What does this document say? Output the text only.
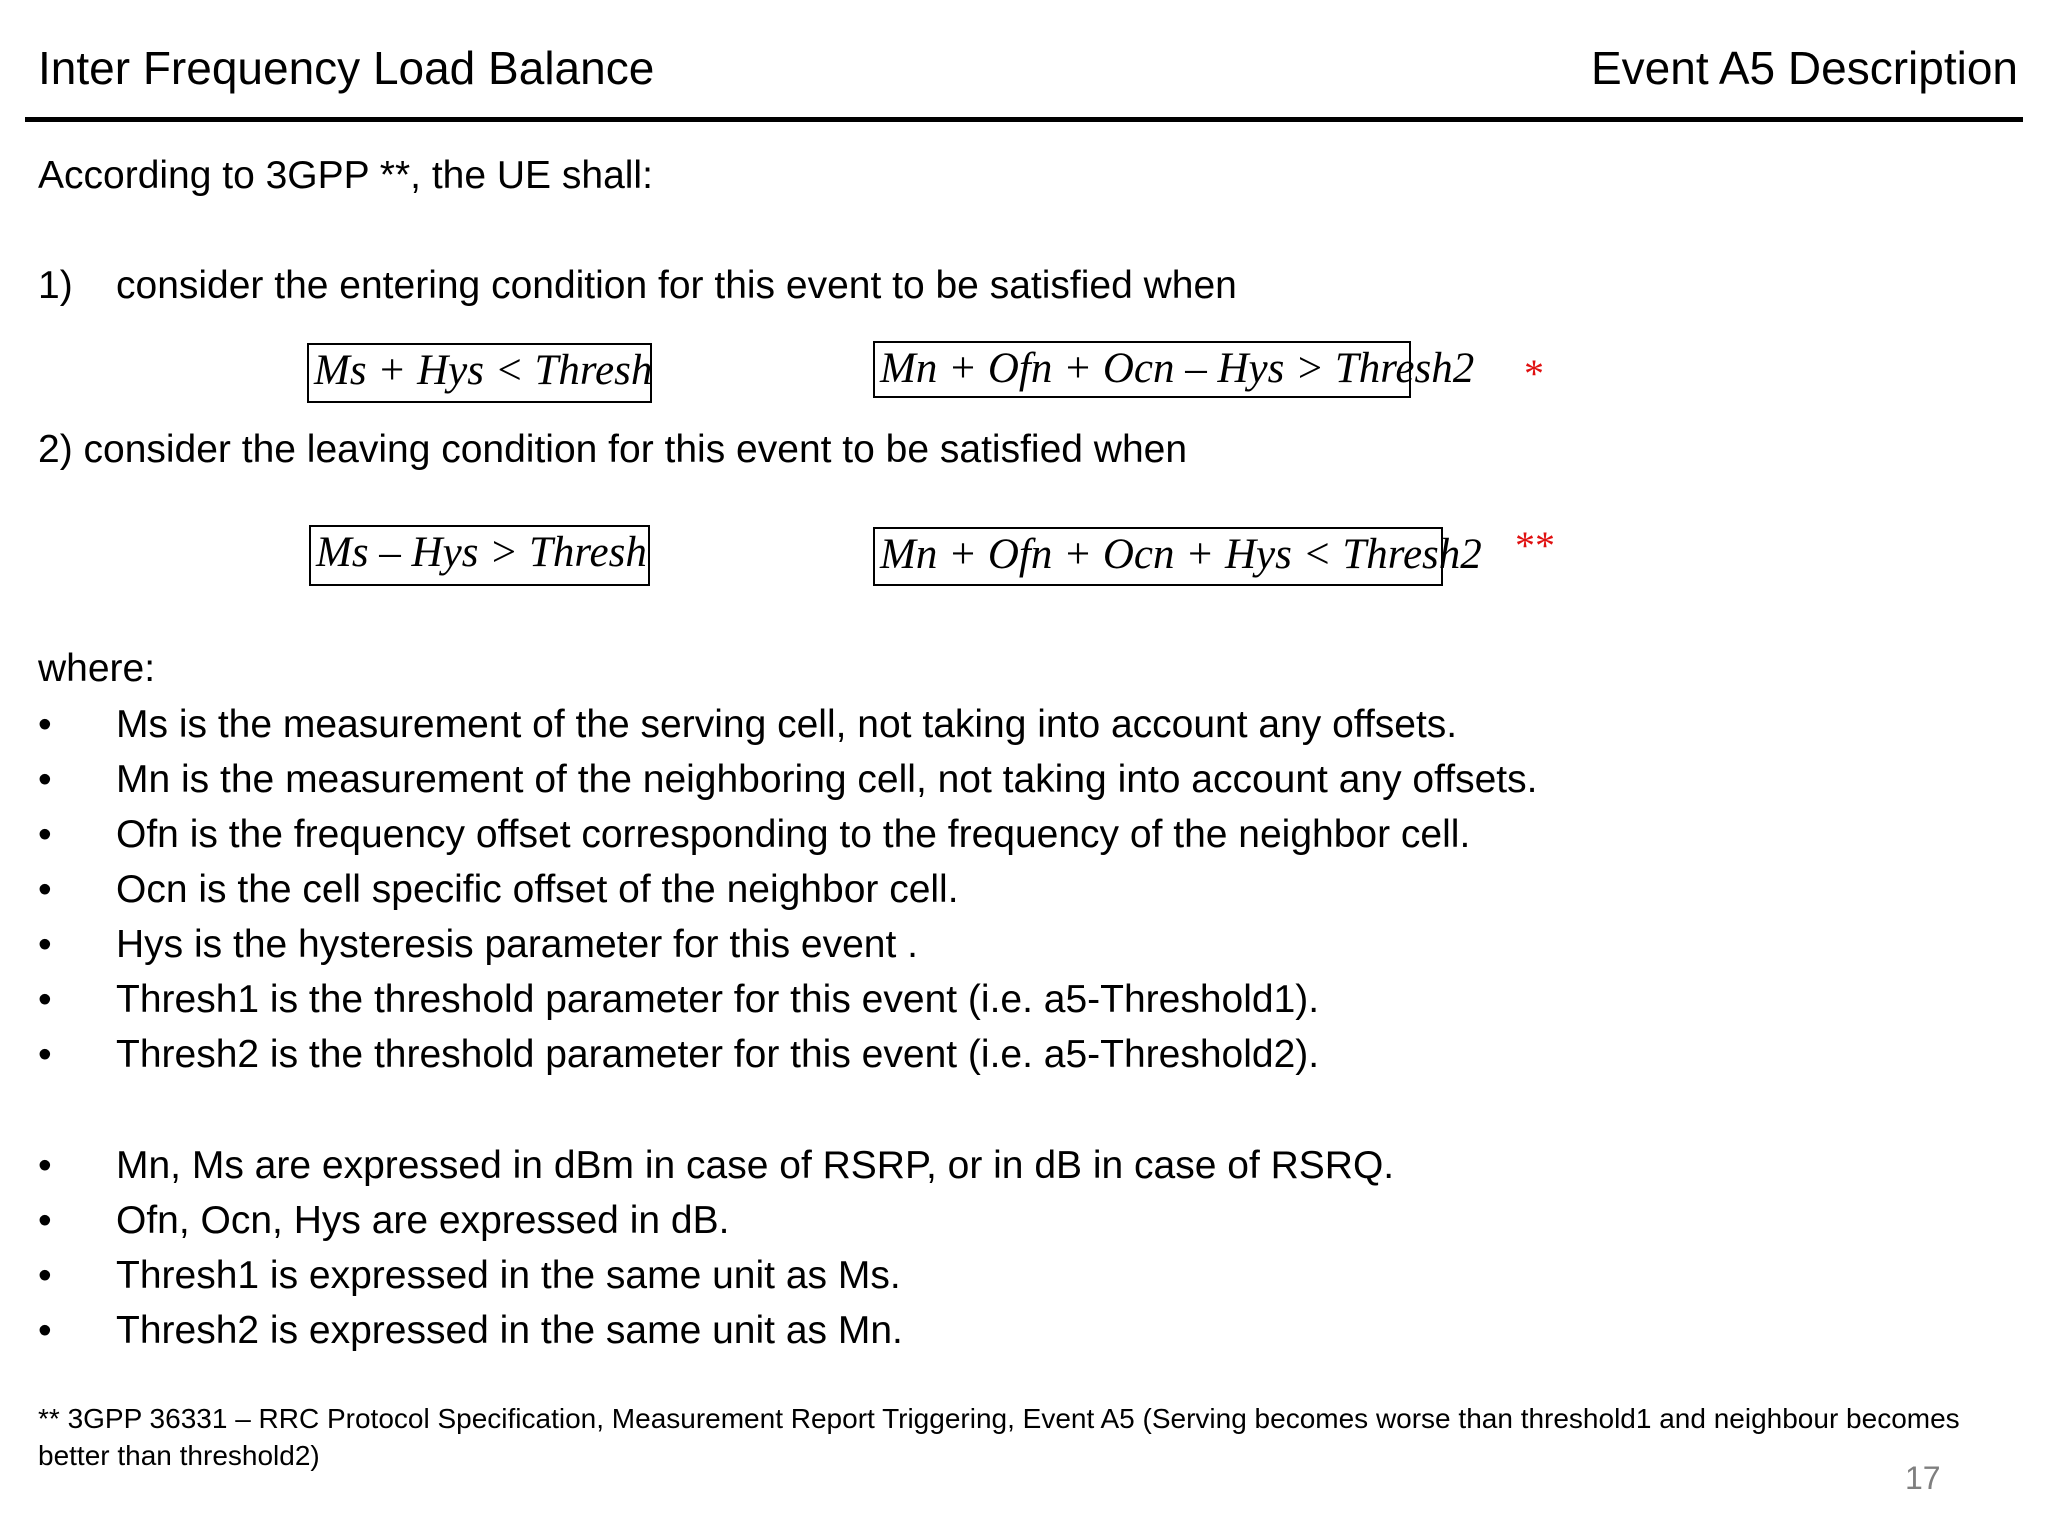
Inter Frequency Load Balance	Event A5 Description
According to 3GPP **, the UE shall:
1) consider the entering condition for this event to be satisfied when
Ms + Hys < Thresh	Mn + Ofn + Ocn – Hys > Thresh2 *
2) consider the leaving condition for this event to be satisfied when
Ms – Hys > Thresh	Mn + Ofn + Ocn + Hys < Thresh2 **
where:
•	Ms is the measurement of the serving cell, not taking into account any offsets.
•	Mn is the measurement of the neighboring cell, not taking into account any offsets.
•	Ofn is the frequency offset corresponding to the frequency of the neighbor cell.
•	Ocn is the cell specific offset of the neighbor cell.
•	Hys is the hysteresis parameter for this event .
•	Thresh1 is the threshold parameter for this event (i.e. a5-Threshold1).
•	Thresh2 is the threshold parameter for this event (i.e. a5-Threshold2).
•	Mn, Ms are expressed in dBm in case of RSRP, or in dB in case of RSRQ.
•	Ofn, Ocn, Hys are expressed in dB.
•	Thresh1 is expressed in the same unit as Ms.
•	Thresh2 is expressed in the same unit as Mn.
** 3GPP 36331 – RRC Protocol Specification, Measurement Report Triggering, Event A5 (Serving becomes worse than threshold1 and neighbour becomes better than threshold2)
17
